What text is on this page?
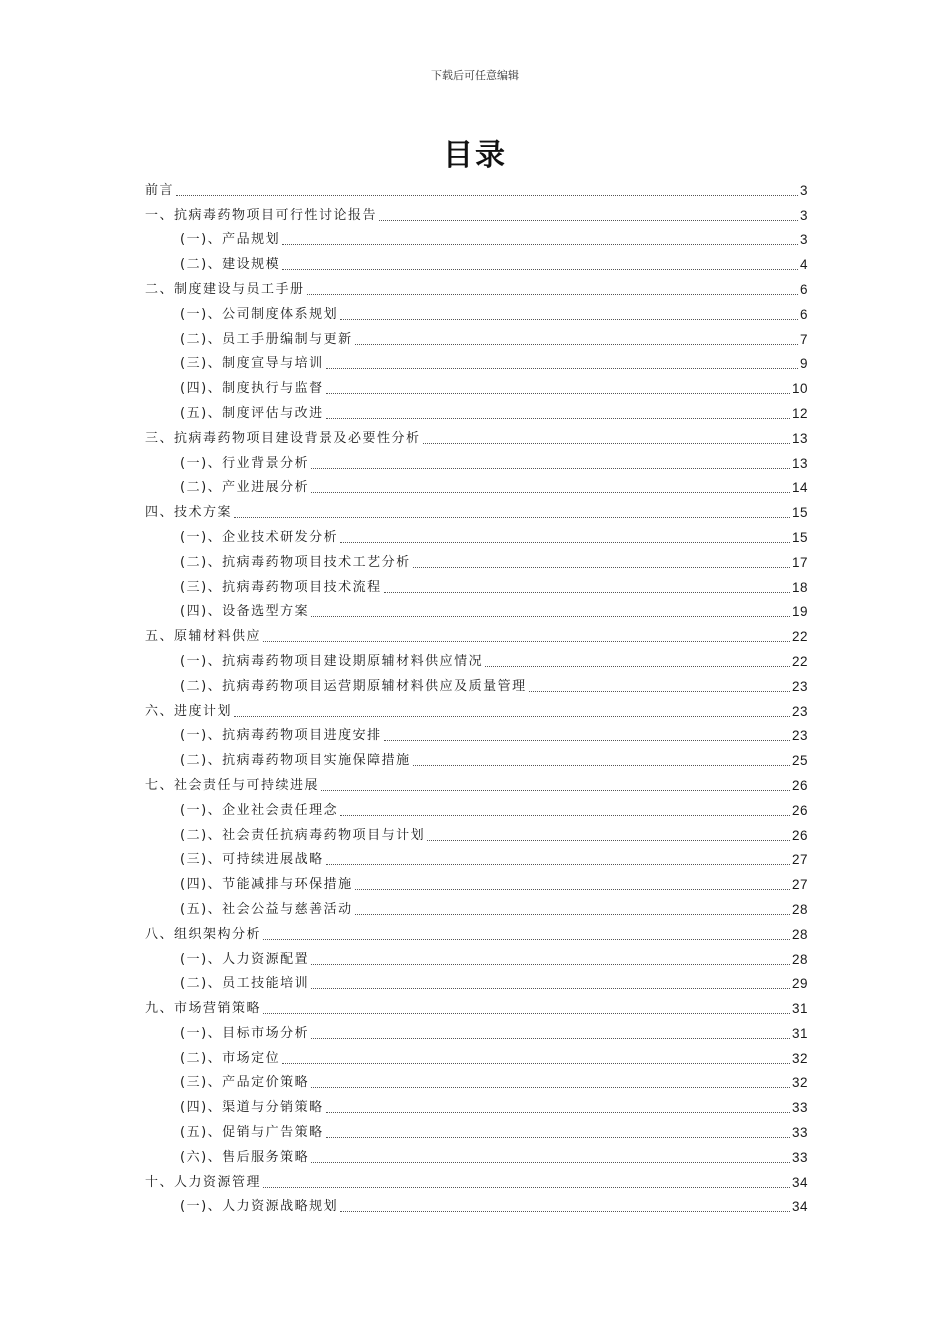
下载后可任意编辑
目录
前言	3
一、抗病毒药物项目可行性讨论报告	3
(一)、产品规划	3
(二)、建设规模	4
二、制度建设与员工手册	6
(一)、公司制度体系规划	6
(二)、员工手册编制与更新	7
(三)、制度宣导与培训	9
(四)、制度执行与监督	10
(五)、制度评估与改进	12
三、抗病毒药物项目建设背景及必要性分析	13
(一)、行业背景分析	13
(二)、产业进展分析	14
四、技术方案	15
(一)、企业技术研发分析	15
(二)、抗病毒药物项目技术工艺分析	17
(三)、抗病毒药物项目技术流程	18
(四)、设备选型方案	19
五、原辅材料供应	22
(一)、抗病毒药物项目建设期原辅材料供应情况	22
(二)、抗病毒药物项目运营期原辅材料供应及质量管理	23
六、进度计划	23
(一)、抗病毒药物项目进度安排	23
(二)、抗病毒药物项目实施保障措施	25
七、社会责任与可持续进展	26
(一)、企业社会责任理念	26
(二)、社会责任抗病毒药物项目与计划	26
(三)、可持续进展战略	27
(四)、节能减排与环保措施	27
(五)、社会公益与慈善活动	28
八、组织架构分析	28
(一)、人力资源配置	28
(二)、员工技能培训	29
九、市场营销策略	31
(一)、目标市场分析	31
(二)、市场定位	32
(三)、产品定价策略	32
(四)、渠道与分销策略	33
(五)、促销与广告策略	33
(六)、售后服务策略	33
十、人力资源管理	34
(一)、人力资源战略规划	34
